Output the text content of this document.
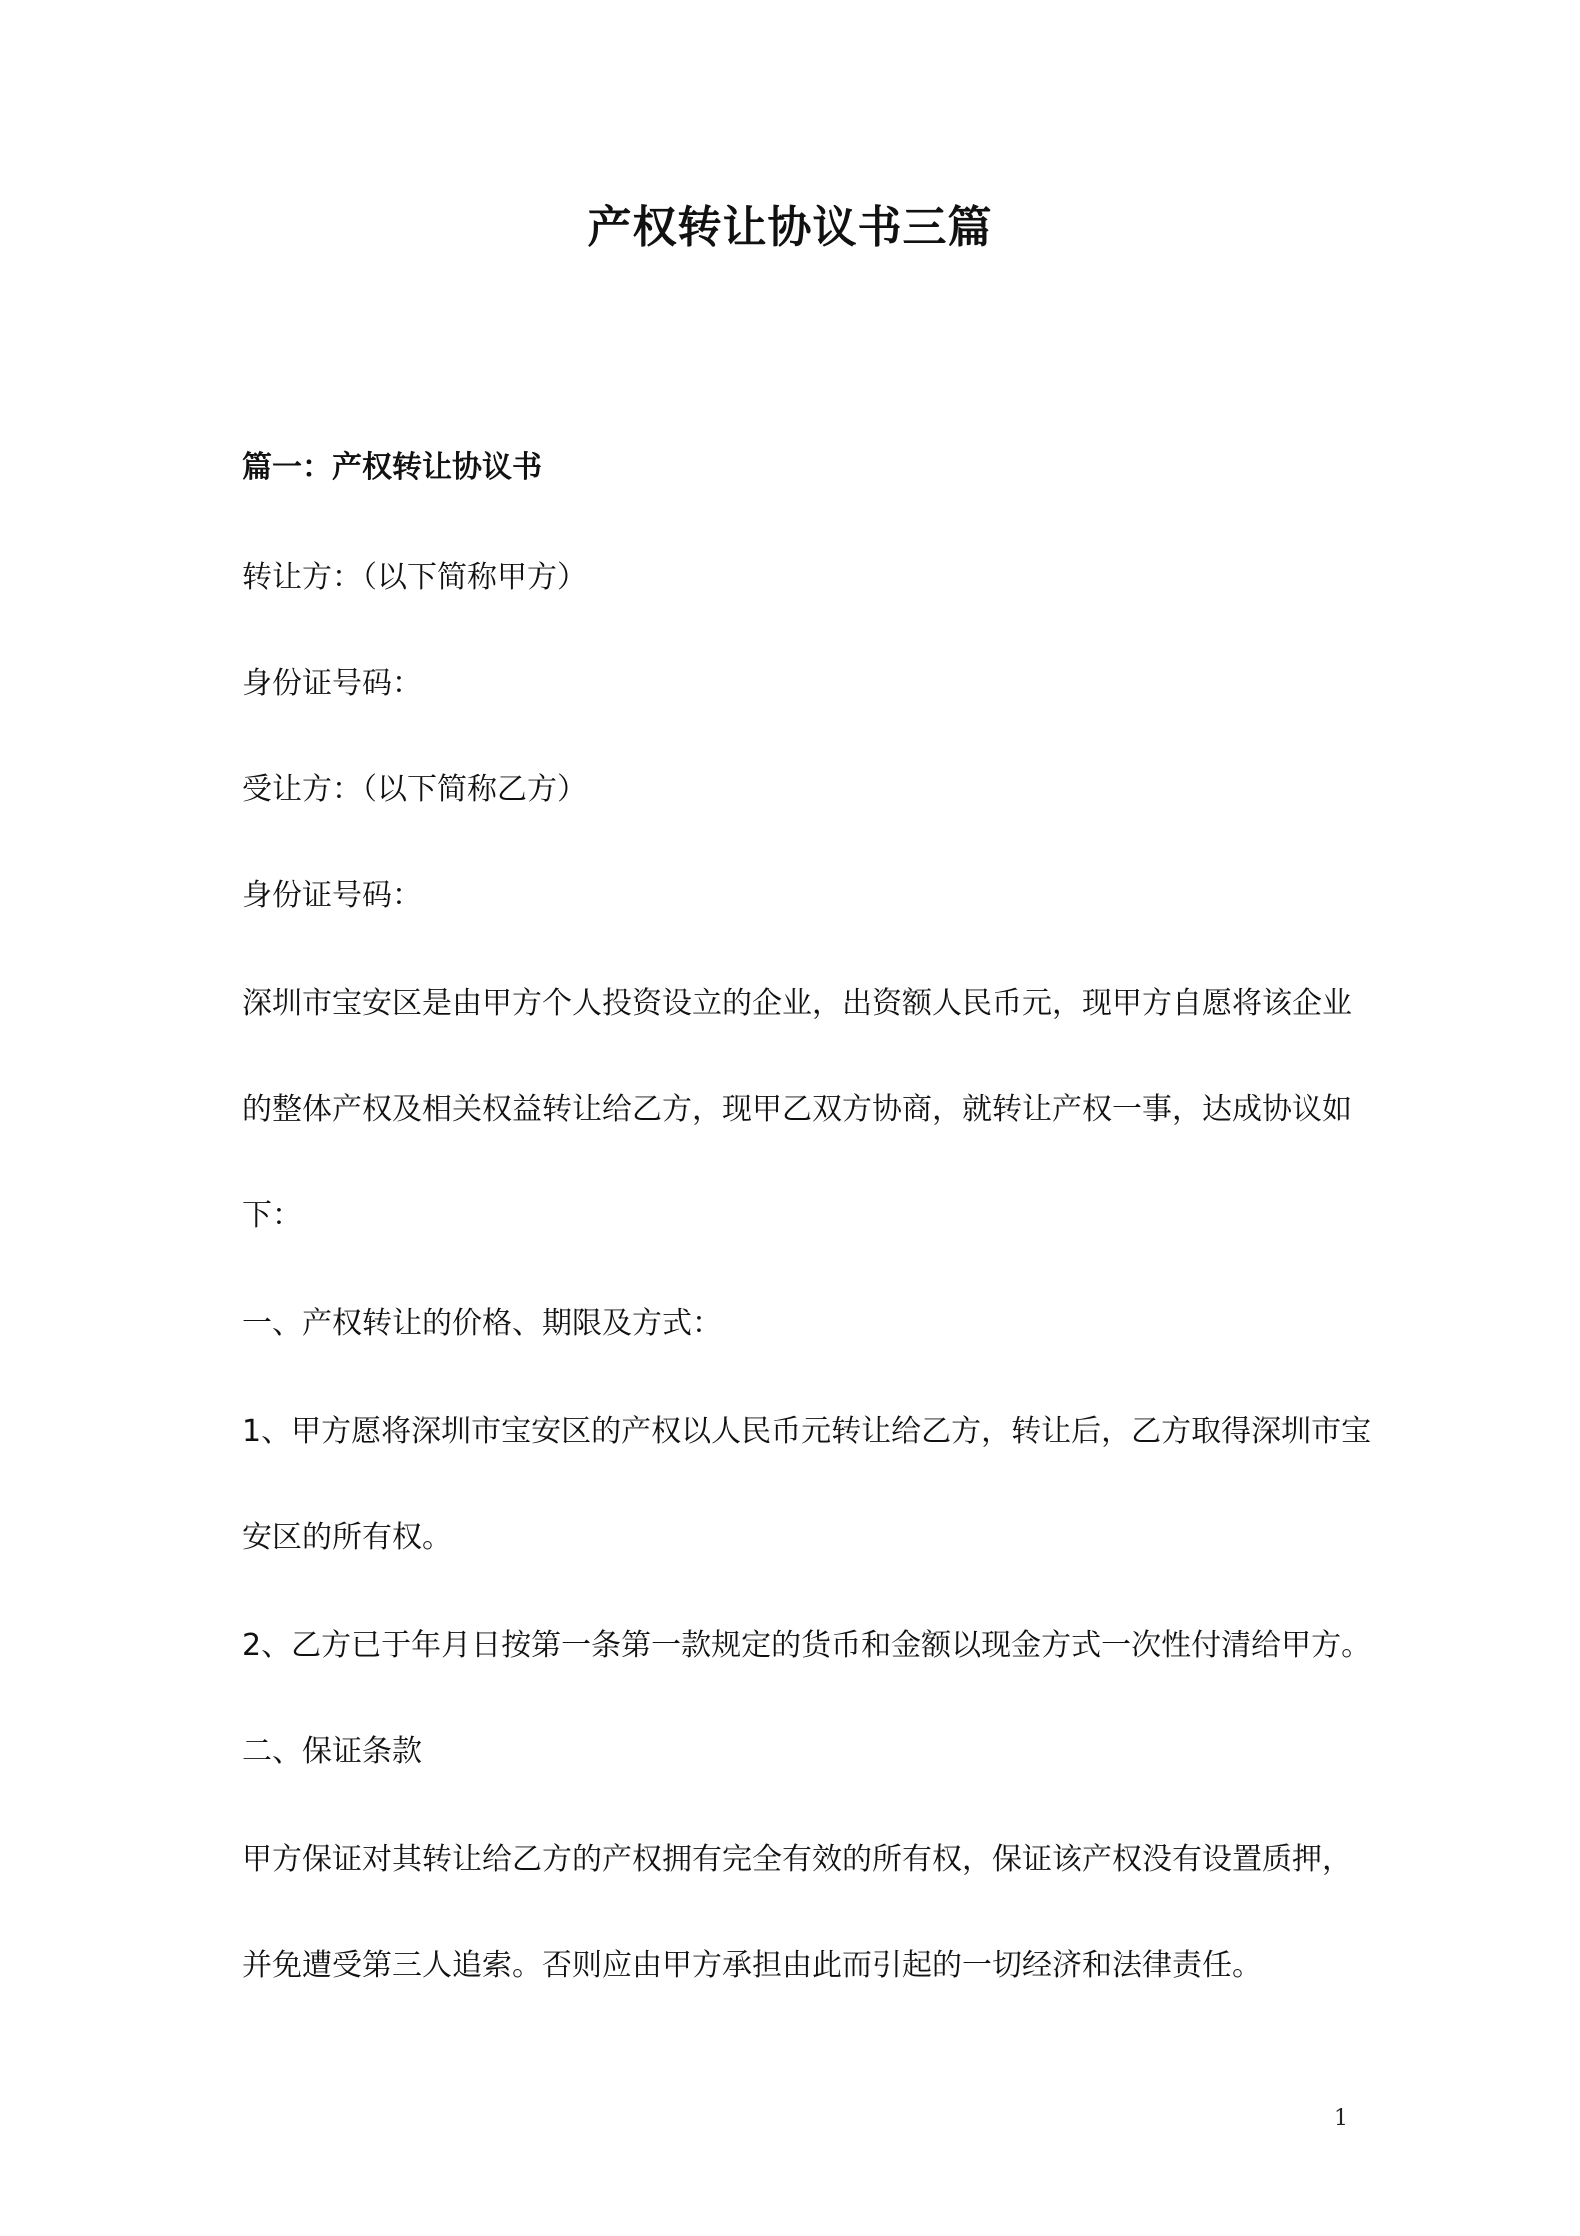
产权转让协议书三篇

篇一：产权转让协议书

转让方：（以下简称甲方）

身份证号码：

受让方：（以下简称乙方）

身份证号码：

深圳市宝安区是由甲方个人投资设立的企业，出资额人民币元，现甲方自愿将该企业

的整体产权及相关权益转让给乙方，现甲乙双方协商，就转让产权一事，达成协议如

下：

一、产权转让的价格、期限及方式：

1、甲方愿将深圳市宝安区的产权以人民币元转让给乙方，转让后，乙方取得深圳市宝

安区的所有权。

2、乙方已于年月日按第一条第一款规定的货币和金额以现金方式一次性付清给甲方。

二、保证条款

甲方保证对其转让给乙方的产权拥有完全有效的所有权，保证该产权没有设置质押，

并免遭受第三人追索。否则应由甲方承担由此而引起的一切经济和法律责任。

1
